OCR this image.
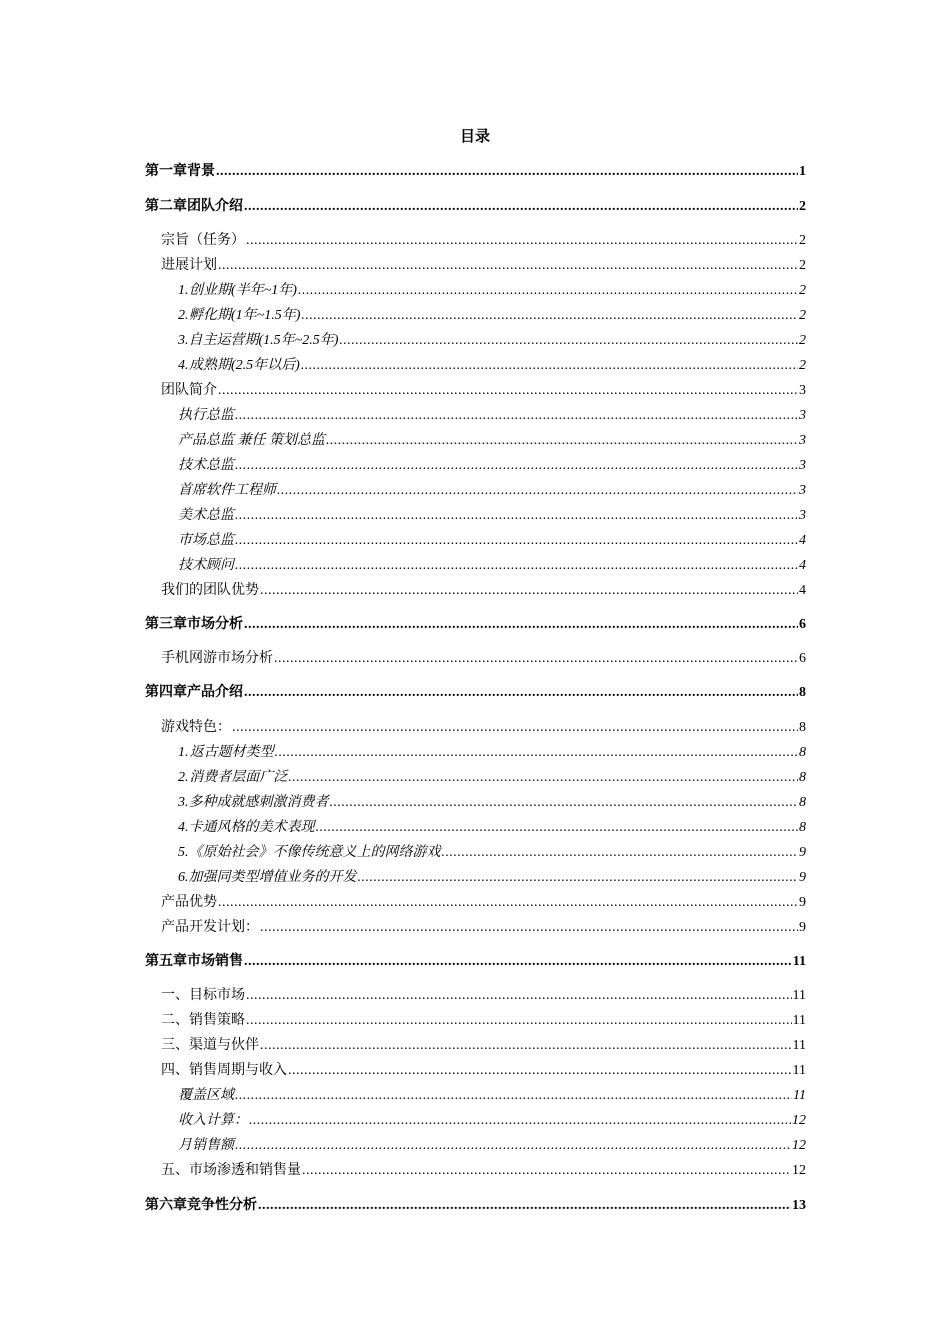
目录
第一章 背景 .....	1
第二章 团队介绍 .....	2
宗旨（任务） .....	2
进展计划 .....	2
1. 创业期(半年~1年) .....	2
2. 孵化期(1年~1.5年) .....	2
3. 自主运营期(1.5年~2.5年) .....	2
4. 成熟期(2.5年以后) .....	2
团队简介 .....	3
执行总监 .....	3
产品总监 兼任 策划总监 .....	3
技术总监 .....	3
首席软件工程师 .....	3
美术总监 .....	3
市场总监 .....	4
技术顾问 .....	4
我们的团队优势 .....	4
第三章 市场分析 .....	6
手机网游市场分析 .....	6
第四章 产品介绍 .....	8
游戏特色： .....	8
1. 返古题材类型 .....	8
2. 消费者层面广泛 .....	8
3. 多种成就感刺激消费者 .....	8
4. 卡通风格的美术表现 .....	8
5. 《原始社会》不像传统意义上的网络游戏 .....	9
6. 加强同类型增值业务的开发 .....	9
产品优势 .....	9
产品开发计划： .....	9
第五章 市场销售 .....	11
一、 目标市场 .....	11
二、 销售策略 .....	11
三、 渠道与伙伴 .....	11
四、 销售周期与收入 .....	11
覆盖区域 .....	11
收入计算： .....	12
月销售额 .....	12
五、 市场渗透和销售量 .....	12
第六章 竞争性分析 .....	13
